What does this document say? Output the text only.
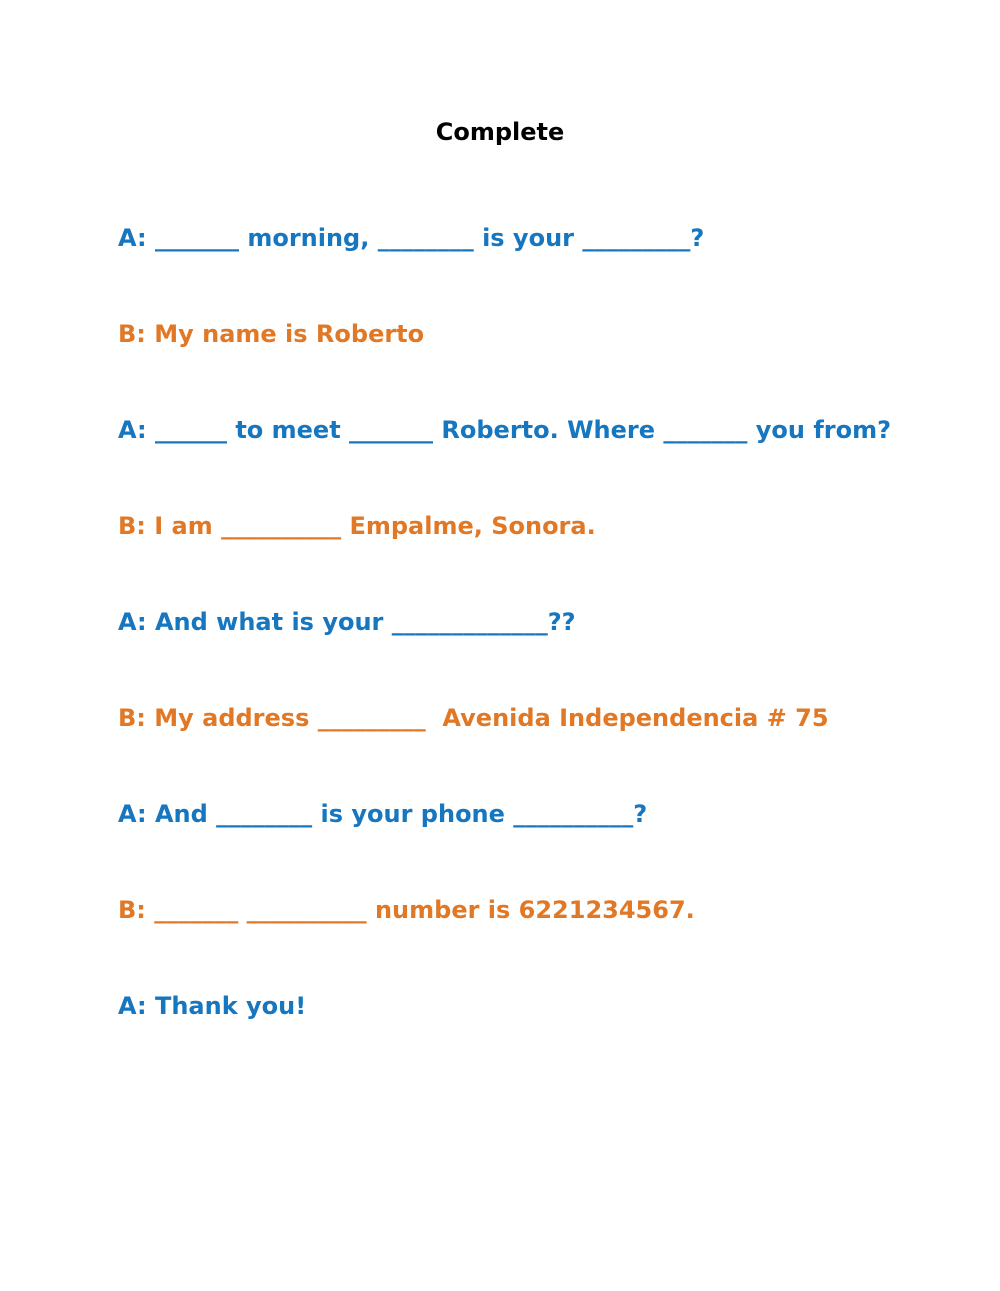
Complete
A: _______ morning, ________ is your _________?
B: My name is Roberto
A: ______ to meet _______ Roberto. Where _______ you from?
B: I am __________ Empalme, Sonora.
A: And what is your _____________??
B: My address _________  Avenida Independencia # 75
A: And ________ is your phone __________?
B: _______ __________ number is 6221234567.
A: Thank you!
